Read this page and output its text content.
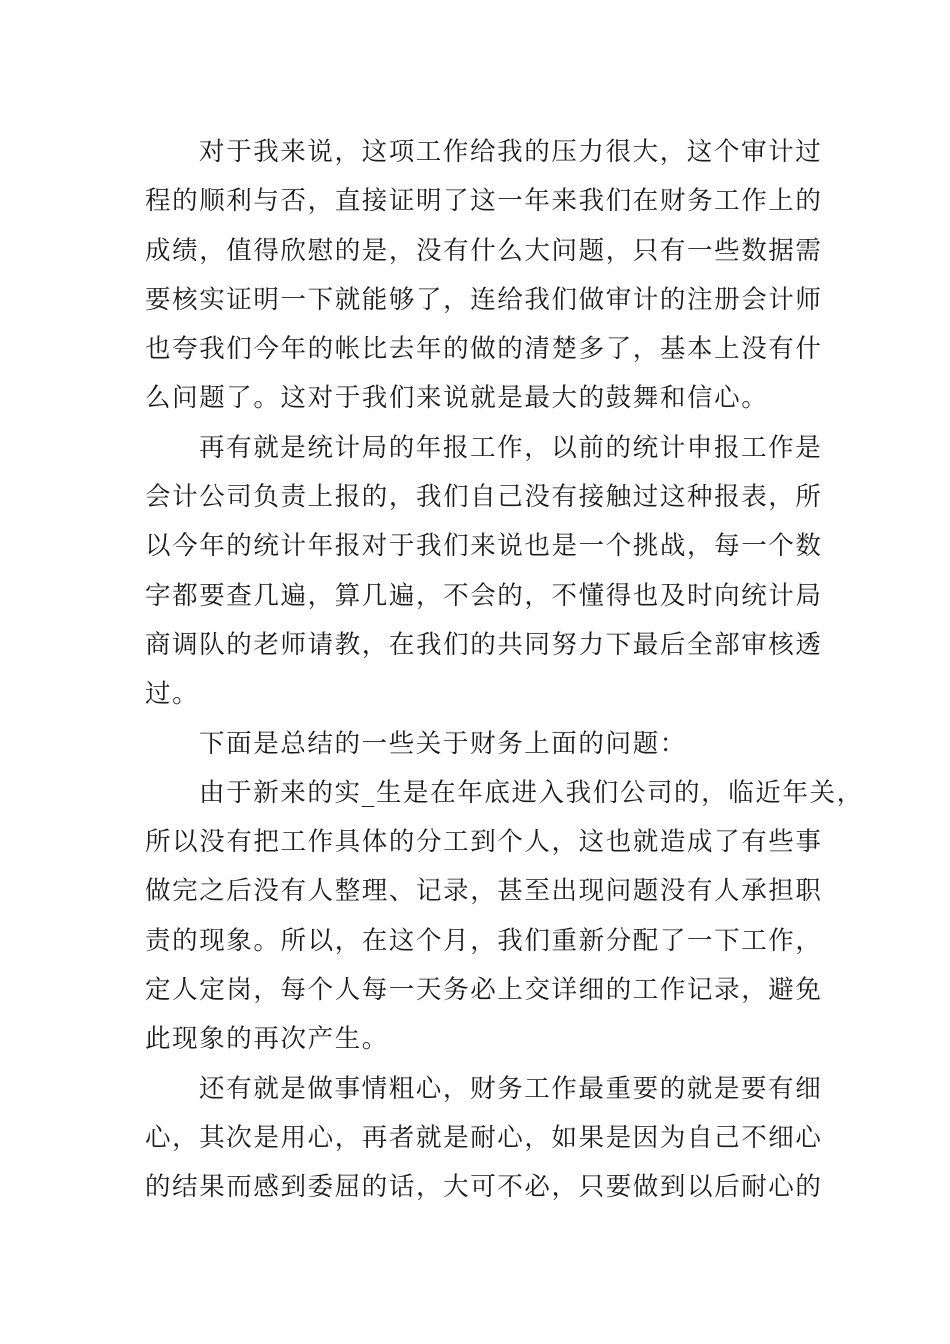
对于我来说，这项工作给我的压力很大，这个审计过
程的顺利与否，直接证明了这一年来我们在财务工作上的
成绩，值得欣慰的是，没有什么大问题，只有一些数据需
要核实证明一下就能够了，连给我们做审计的注册会计师
也夸我们今年的帐比去年的做的清楚多了，基本上没有什
么问题了。这对于我们来说就是最大的鼓舞和信心。
再有就是统计局的年报工作，以前的统计申报工作是
会计公司负责上报的，我们自己没有接触过这种报表，所
以今年的统计年报对于我们来说也是一个挑战，每一个数
字都要查几遍，算几遍，不会的，不懂得也及时向统计局
商调队的老师请教，在我们的共同努力下最后全部审核透
过。
下面是总结的一些关于财务上面的问题：
由于新来的实_生是在年底进入我们公司的，临近年关，
所以没有把工作具体的分工到个人，这也就造成了有些事
做完之后没有人整理、记录，甚至出现问题没有人承担职
责的现象。所以，在这个月，我们重新分配了一下工作，
定人定岗，每个人每一天务必上交详细的工作记录，避免
此现象的再次产生。
还有就是做事情粗心，财务工作最重要的就是要有细
心，其次是用心，再者就是耐心，如果是因为自己不细心
的结果而感到委屈的话，大可不必，只要做到以后耐心的
